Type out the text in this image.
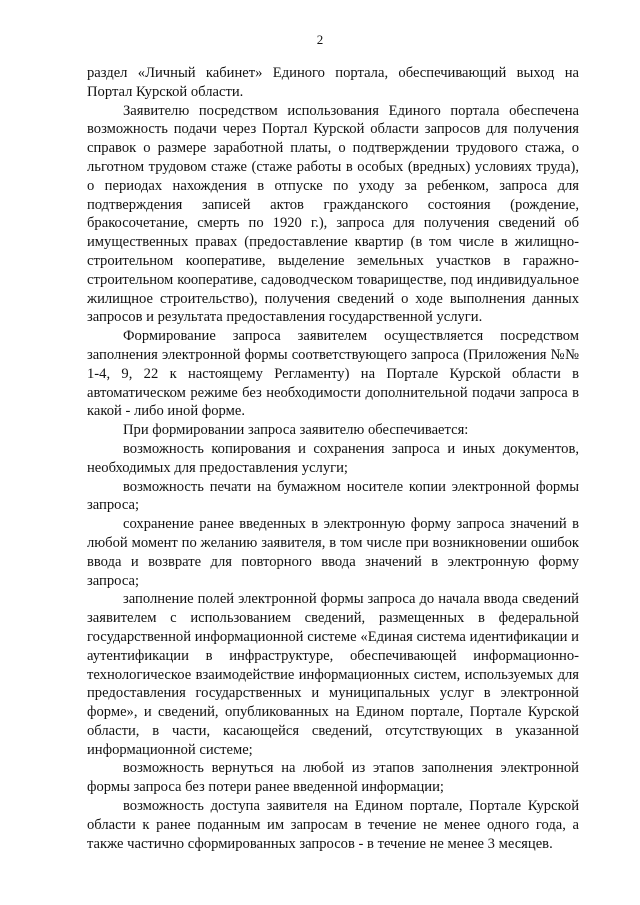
2

раздел «Личный кабинет» Единого портала, обеспечивающий выход на Портал Курской области.

Заявителю посредством использования Единого портала обеспечена возможность подачи через Портал Курской области запросов для получения справок о размере заработной платы, о подтверждении трудового стажа, о льготном трудовом стаже (стаже работы в особых (вредных) условиях труда), о периодах нахождения в отпуске по уходу за ребенком, запроса для подтверждения записей актов гражданского состояния (рождение, бракосочетание, смерть по 1920 г.), запроса для получения сведений об имущественных правах (предоставление квартир (в том числе в жилищно-строительном кооперативе, выделение земельных участков в гаражно-строительном кооперативе, садоводческом товариществе, под индивидуальное жилищное строительство), получения сведений о ходе выполнения данных запросов и результата предоставления государственной услуги.

Формирование запроса заявителем осуществляется посредством заполнения электронной формы соответствующего запроса (Приложения №№ 1-4, 9, 22 к настоящему Регламенту) на Портале Курской области в автоматическом режиме без необходимости дополнительной подачи запроса в какой - либо иной форме.

При формировании запроса заявителю обеспечивается:

возможность копирования и сохранения запроса и иных документов, необходимых для предоставления услуги;

возможность печати на бумажном носителе копии электронной формы запроса;

сохранение ранее введенных в электронную форму запроса значений в любой момент по желанию заявителя, в том числе при возникновении ошибок ввода и возврате для повторного ввода значений в электронную форму запроса;

заполнение полей электронной формы запроса до начала ввода сведений заявителем с использованием сведений, размещенных в федеральной государственной информационной системе «Единая система идентификации и аутентификации в инфраструктуре, обеспечивающей информационно-технологическое взаимодействие информационных систем, используемых для предоставления государственных и муниципальных услуг в электронной форме», и сведений, опубликованных на Едином портале, Портале Курской области, в части, касающейся сведений, отсутствующих в указанной информационной системе;

возможность вернуться на любой из этапов заполнения электронной формы запроса без потери ранее введенной информации;

возможность доступа заявителя на Едином портале, Портале Курской области к ранее поданным им запросам в течение не менее одного года, а также частично сформированных запросов - в течение не менее 3 месяцев.
